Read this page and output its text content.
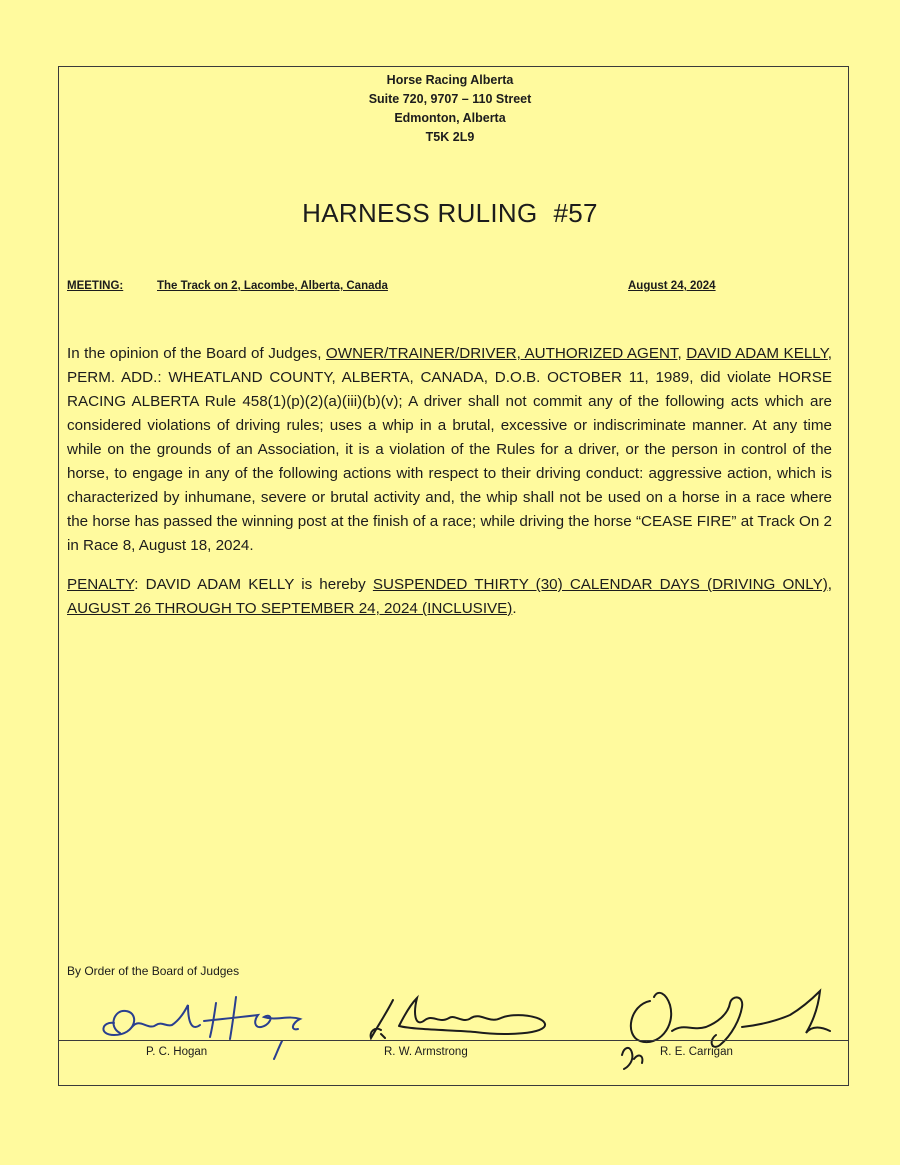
Horse Racing Alberta
Suite 720, 9707 – 110 Street
Edmonton, Alberta
T5K 2L9
HARNESS RULING #57
MEETING:	The Track on 2, Lacombe, Alberta, Canada	August 24, 2024

In the opinion of the Board of Judges, OWNER/TRAINER/DRIVER, AUTHORIZED AGENT, DAVID ADAM KELLY, PERM. ADD.: WHEATLAND COUNTY, ALBERTA, CANADA, D.O.B. OCTOBER 11, 1989, did violate HORSE RACING ALBERTA Rule 458(1)(p)(2)(a)(iii)(b)(v); A driver shall not commit any of the following acts which are considered violations of driving rules; uses a whip in a brutal, excessive or indiscriminate manner. At any time while on the grounds of an Association, it is a violation of the Rules for a driver, or the person in control of the horse, to engage in any of the following actions with respect to their driving conduct: aggressive action, which is characterized by inhumane, severe or brutal activity and, the whip shall not be used on a horse in a race where the horse has passed the winning post at the finish of a race; while driving the horse “CEASE FIRE” at Track On 2 in Race 8, August 18, 2024.

PENALTY: DAVID ADAM KELLY is hereby SUSPENDED THIRTY (30) CALENDAR DAYS (DRIVING ONLY), AUGUST 26 THROUGH TO SEPTEMBER 24, 2024 (INCLUSIVE).

By Order of the Board of Judges
P. C. Hogan	R. W. Armstrong	R. E. Carrigan
